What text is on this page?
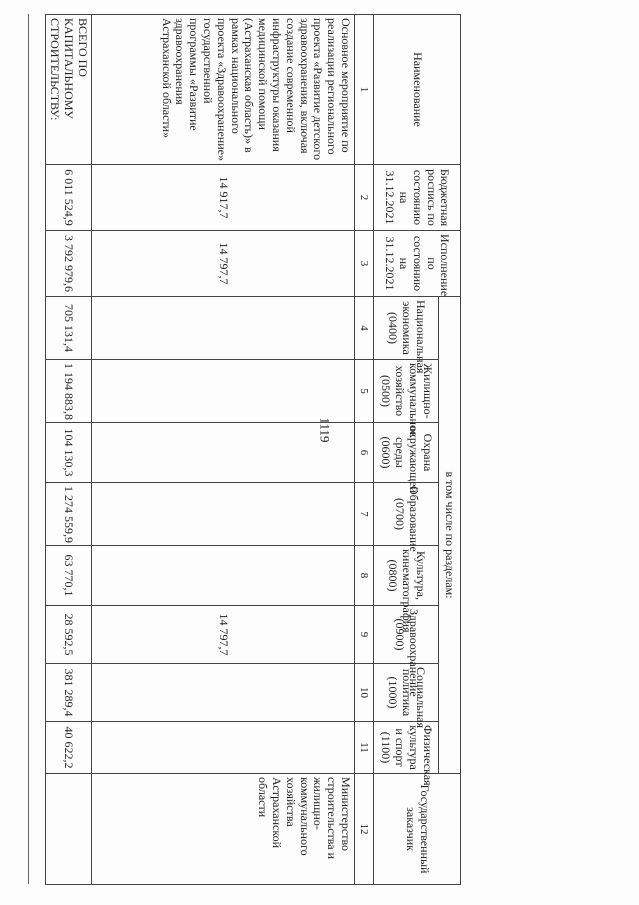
1119
Наименование	Бюджетная роспись по состоянию на 31.12.2021	Исполнение по состоянию на 31.12.2021	в том числе по разделам:								Государственный заказчик
			Национальная экономика (0400)	Жилищно-коммунальное хозяйство (0500)	Охрана окружающей среды (0600)	Образование (0700)	Культура, кинематография (0800)	Здравоохранение (0900)	Социальная политика (1000)	Физическая культура и спорт (1100)	
1	2	3	4	5	6	7	8	9	10	11	12
Основное мероприятие по реализации регионального проекта «Развитие детского здравоохранения, включая создание современной инфраструктуры оказания медицинской помощи (Астраханская область)» в рамках национального проекта «Здравоохранение» государственной программы «Развитие здравоохранения Астраханской области»	14 917,7	14 797,7						14 797,7			Министерство строительства и жилищно-коммунального хозяйства Астраханской области
ВСЕГО ПО КАПИТАЛЬНОМУ СТРОИТЕЛЬСТВУ:	6 011 524,9	3 792 979,6	705 131,4	1 194 883,8	104 130,3	1 274 559,9	63 770,1	28 592,5	381 289,4	40 622,2	
